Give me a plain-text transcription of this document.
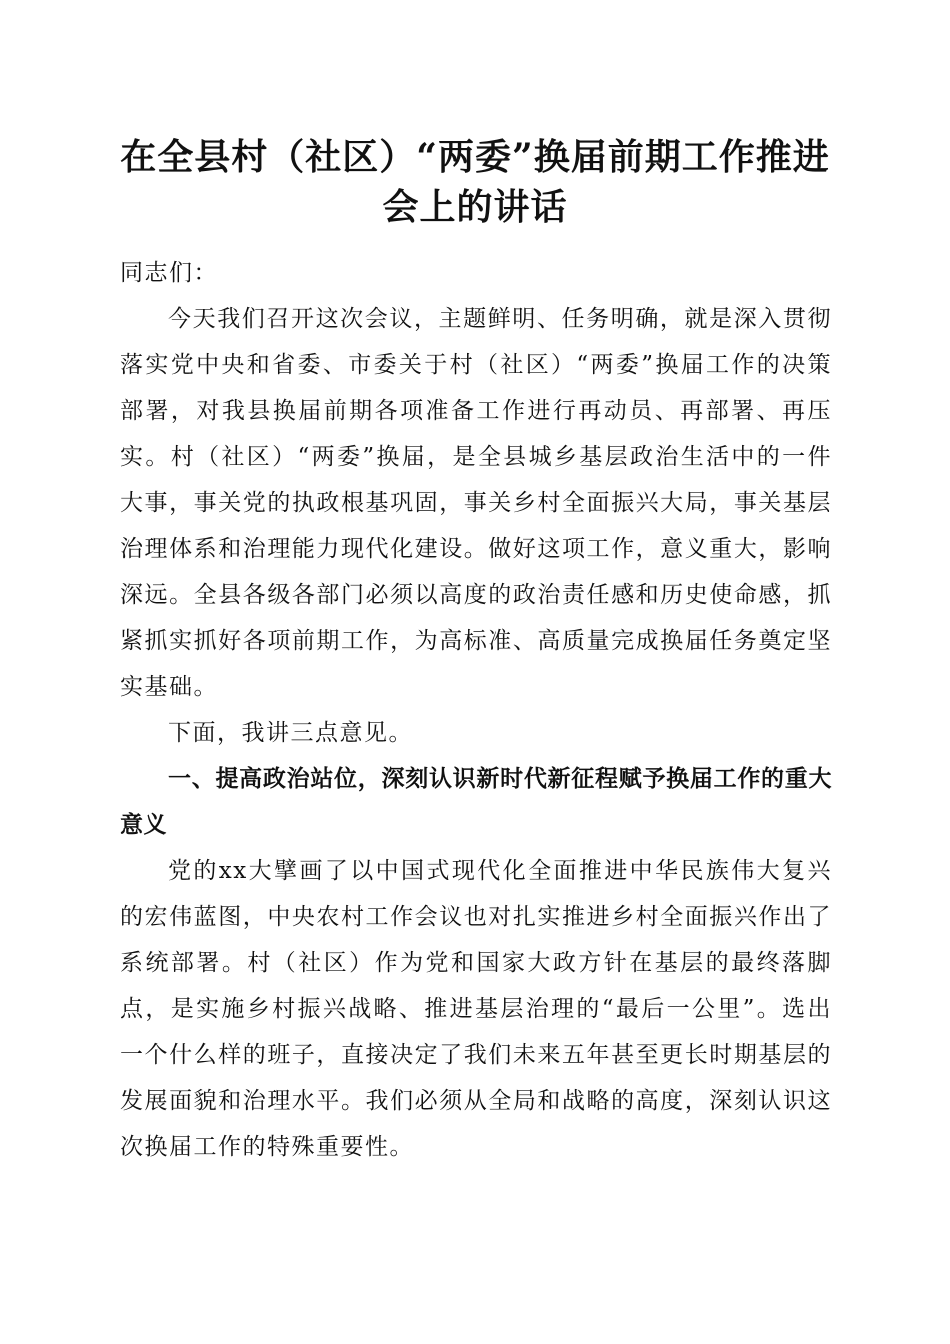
在全县村（社区）“两委”换届前期工作推进会上的讲话

同志们：

今天我们召开这次会议，主题鲜明、任务明确，就是深入贯彻落实党中央和省委、市委关于村（社区）“两委”换届工作的决策部署，对我县换届前期各项准备工作进行再动员、再部署、再压实。村（社区）“两委”换届，是全县城乡基层政治生活中的一件大事，事关党的执政根基巩固，事关乡村全面振兴大局，事关基层治理体系和治理能力现代化建设。做好这项工作，意义重大，影响深远。全县各级各部门必须以高度的政治责任感和历史使命感，抓紧抓实抓好各项前期工作，为高标准、高质量完成换届任务奠定坚实基础。

下面，我讲三点意见。

一、提高政治站位，深刻认识新时代新征程赋予换届工作的重大意义

党的xx大擘画了以中国式现代化全面推进中华民族伟大复兴的宏伟蓝图，中央农村工作会议也对扎实推进乡村全面振兴作出了系统部署。村（社区）作为党和国家大政方针在基层的最终落脚点，是实施乡村振兴战略、推进基层治理的“最后一公里”。选出一个什么样的班子，直接决定了我们未来五年甚至更长时期基层的发展面貌和治理水平。我们必须从全局和战略的高度，深刻认识这次换届工作的特殊重要性。
